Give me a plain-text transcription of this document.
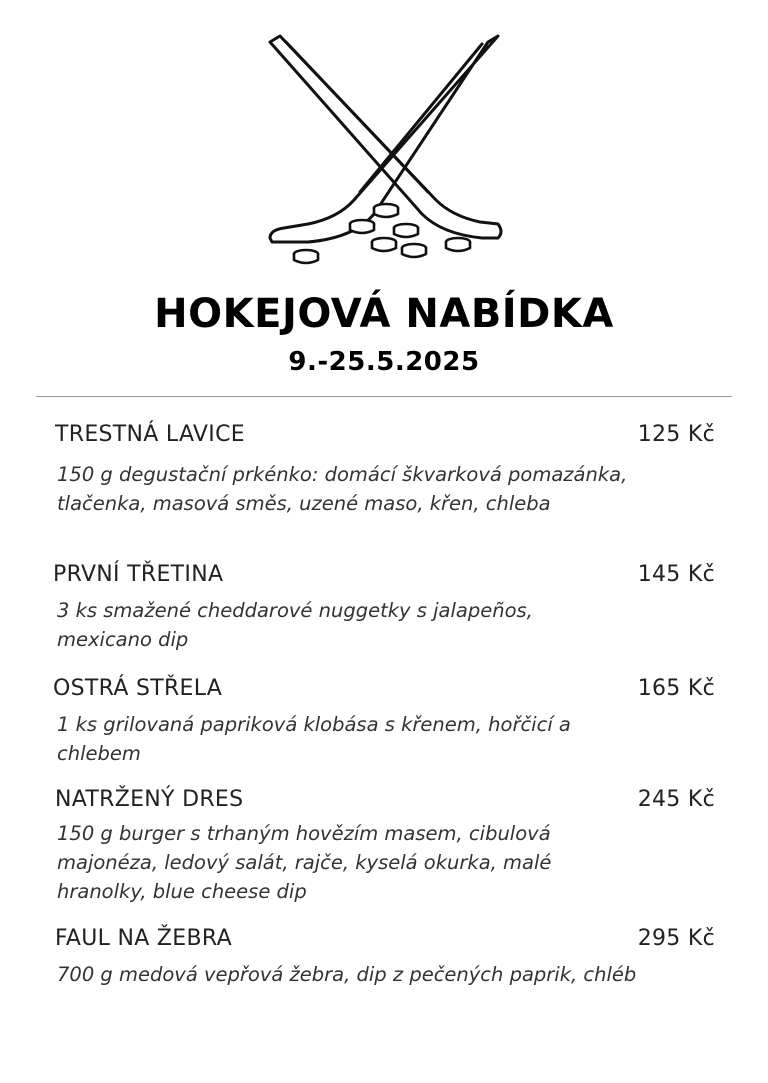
HOKEJOVÁ NABÍDKA
9.-25.5.2025
TRESTNÁ LAVICE	125 Kč
150 g degustační prkénko: domácí škvarková pomazánka, tlačenka, masová směs, uzené maso, křen, chleba
PRVNÍ TŘETINA	145 Kč
3 ks smažené cheddarové nuggetky s jalapeños, mexicano dip
OSTRÁ STŘELA	165 Kč
1 ks grilovaná papriková klobása s křenem, hořčicí a chlebem
NATRŽENÝ DRES	245 Kč
150 g burger s trhaným hovězím masem, cibulová majonéza, ledový salát, rajče, kyselá okurka, malé hranolky, blue cheese dip
FAUL NA ŽEBRA	295 Kč
700 g medová vepřová žebra, dip z pečených paprik, chléb
